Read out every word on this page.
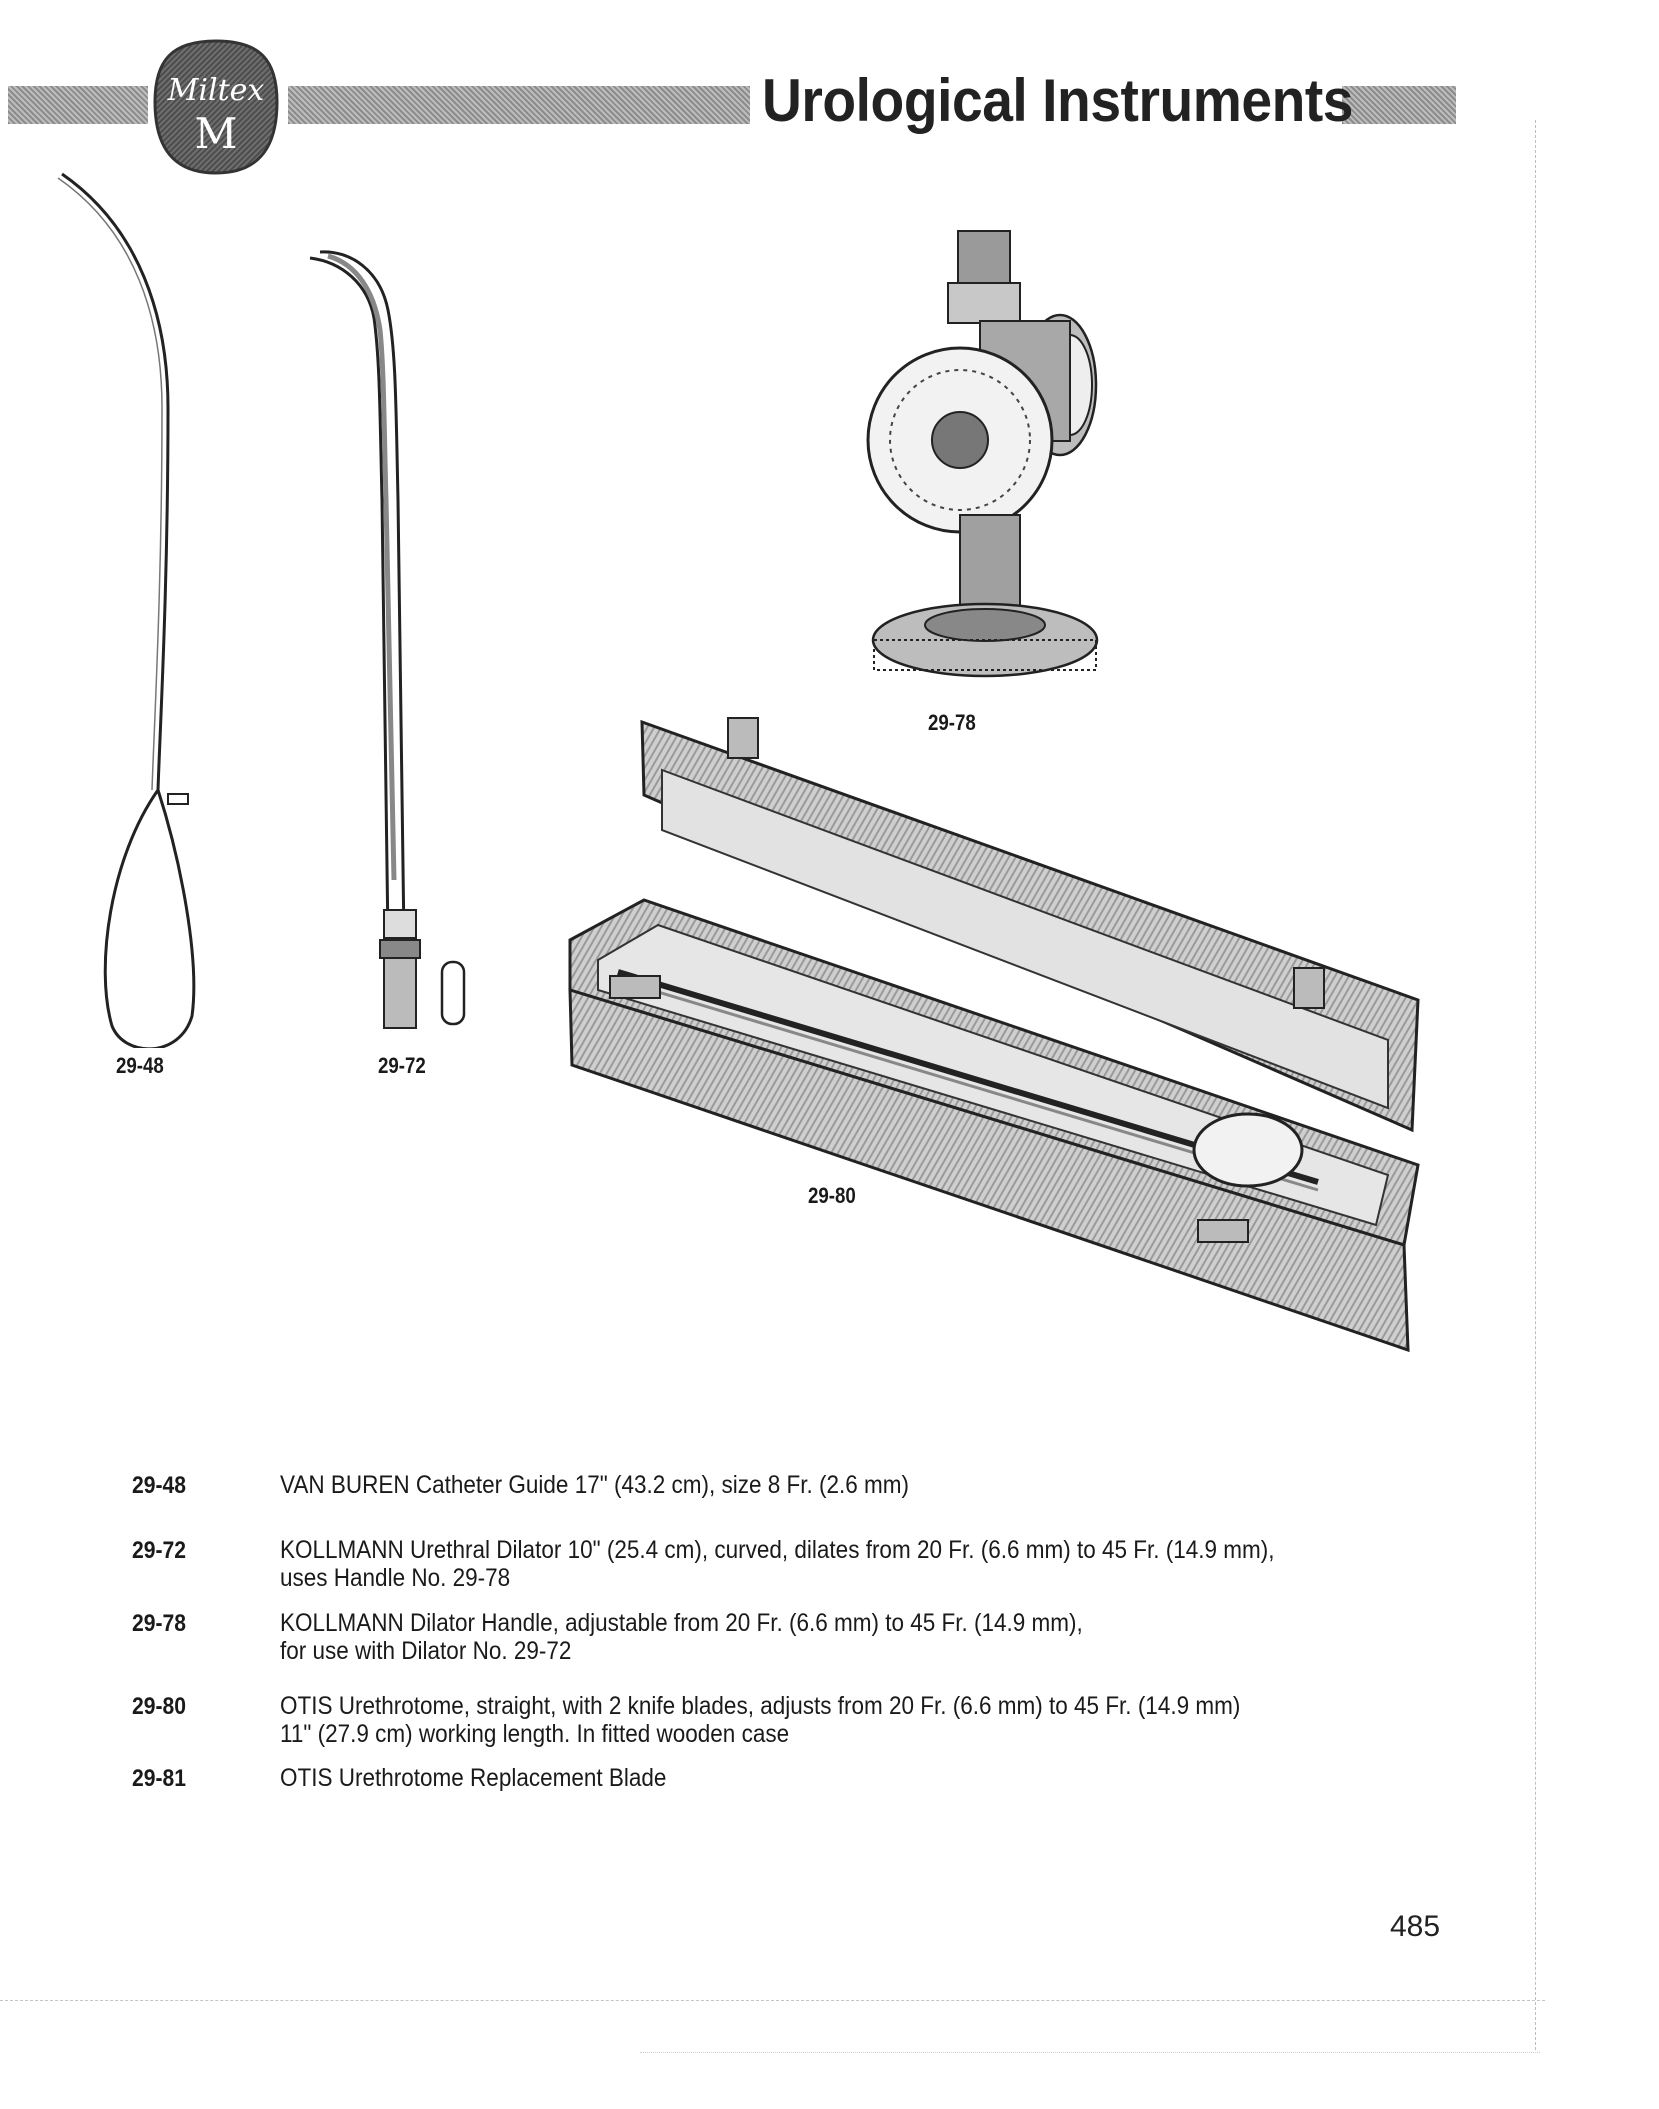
Miltex
M	Urological Instruments
29-48	29-72
29-78
29-80
29-48	VAN BUREN Catheter Guide 17" (43.2 cm), size 8 Fr. (2.6 mm)
29-72	KOLLMANN Urethral Dilator 10" (25.4 cm), curved, dilates from 20 Fr. (6.6 mm) to 45 Fr. (14.9 mm),
uses Handle No. 29-78
29-78	KOLLMANN Dilator Handle, adjustable from 20 Fr. (6.6 mm) to 45 Fr. (14.9 mm),
for use with Dilator No. 29-72
29-80	OTIS Urethrotome, straight, with 2 knife blades, adjusts from 20 Fr. (6.6 mm) to 45 Fr. (14.9 mm)
11" (27.9 cm) working length. In fitted wooden case
29-81	OTIS Urethrotome Replacement Blade
485
